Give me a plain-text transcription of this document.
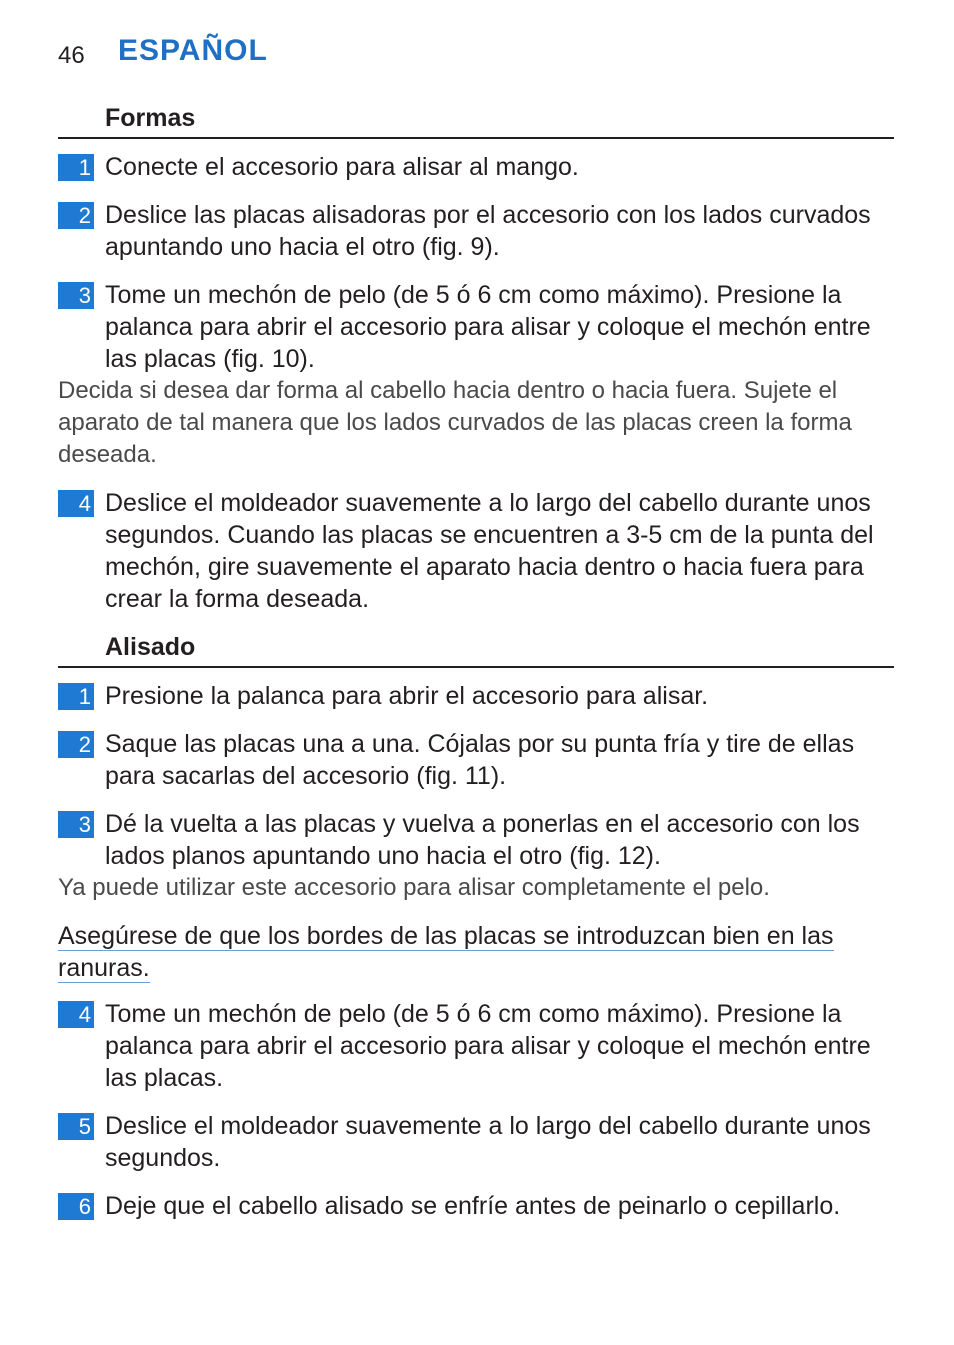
46 ESPAÑOL
Formas
1 Conecte el accesorio para alisar al mango.
2 Deslice las placas alisadoras por el accesorio con los lados curvados apuntando uno hacia el otro (fig. 9).
3 Tome un mechón de pelo (de 5 ó 6 cm como máximo). Presione la palanca para abrir el accesorio para alisar y coloque el mechón entre las placas (fig. 10).
Decida si desea dar forma al cabello hacia dentro o hacia fuera. Sujete el aparato de tal manera que los lados curvados de las placas creen la forma deseada.
4 Deslice el moldeador suavemente a lo largo del cabello durante unos segundos. Cuando las placas se encuentren a 3-5 cm de la punta del mechón, gire suavemente el aparato hacia dentro o hacia fuera para crear la forma deseada.
Alisado
1 Presione la palanca para abrir el accesorio para alisar.
2 Saque las placas una a una. Cójalas por su punta fría y tire de ellas para sacarlas del accesorio (fig. 11).
3 Dé la vuelta a las placas y vuelva a ponerlas en el accesorio con los lados planos apuntando uno hacia el otro (fig. 12).
Ya puede utilizar este accesorio para alisar completamente el pelo.
Asegúrese de que los bordes de las placas se introduzcan bien en las
ranuras.
4 Tome un mechón de pelo (de 5 ó 6 cm como máximo). Presione la palanca para abrir el accesorio para alisar y coloque el mechón entre las placas.
5 Deslice el moldeador suavemente a lo largo del cabello durante unos segundos.
6 Deje que el cabello alisado se enfríe antes de peinarlo o cepillarlo.
